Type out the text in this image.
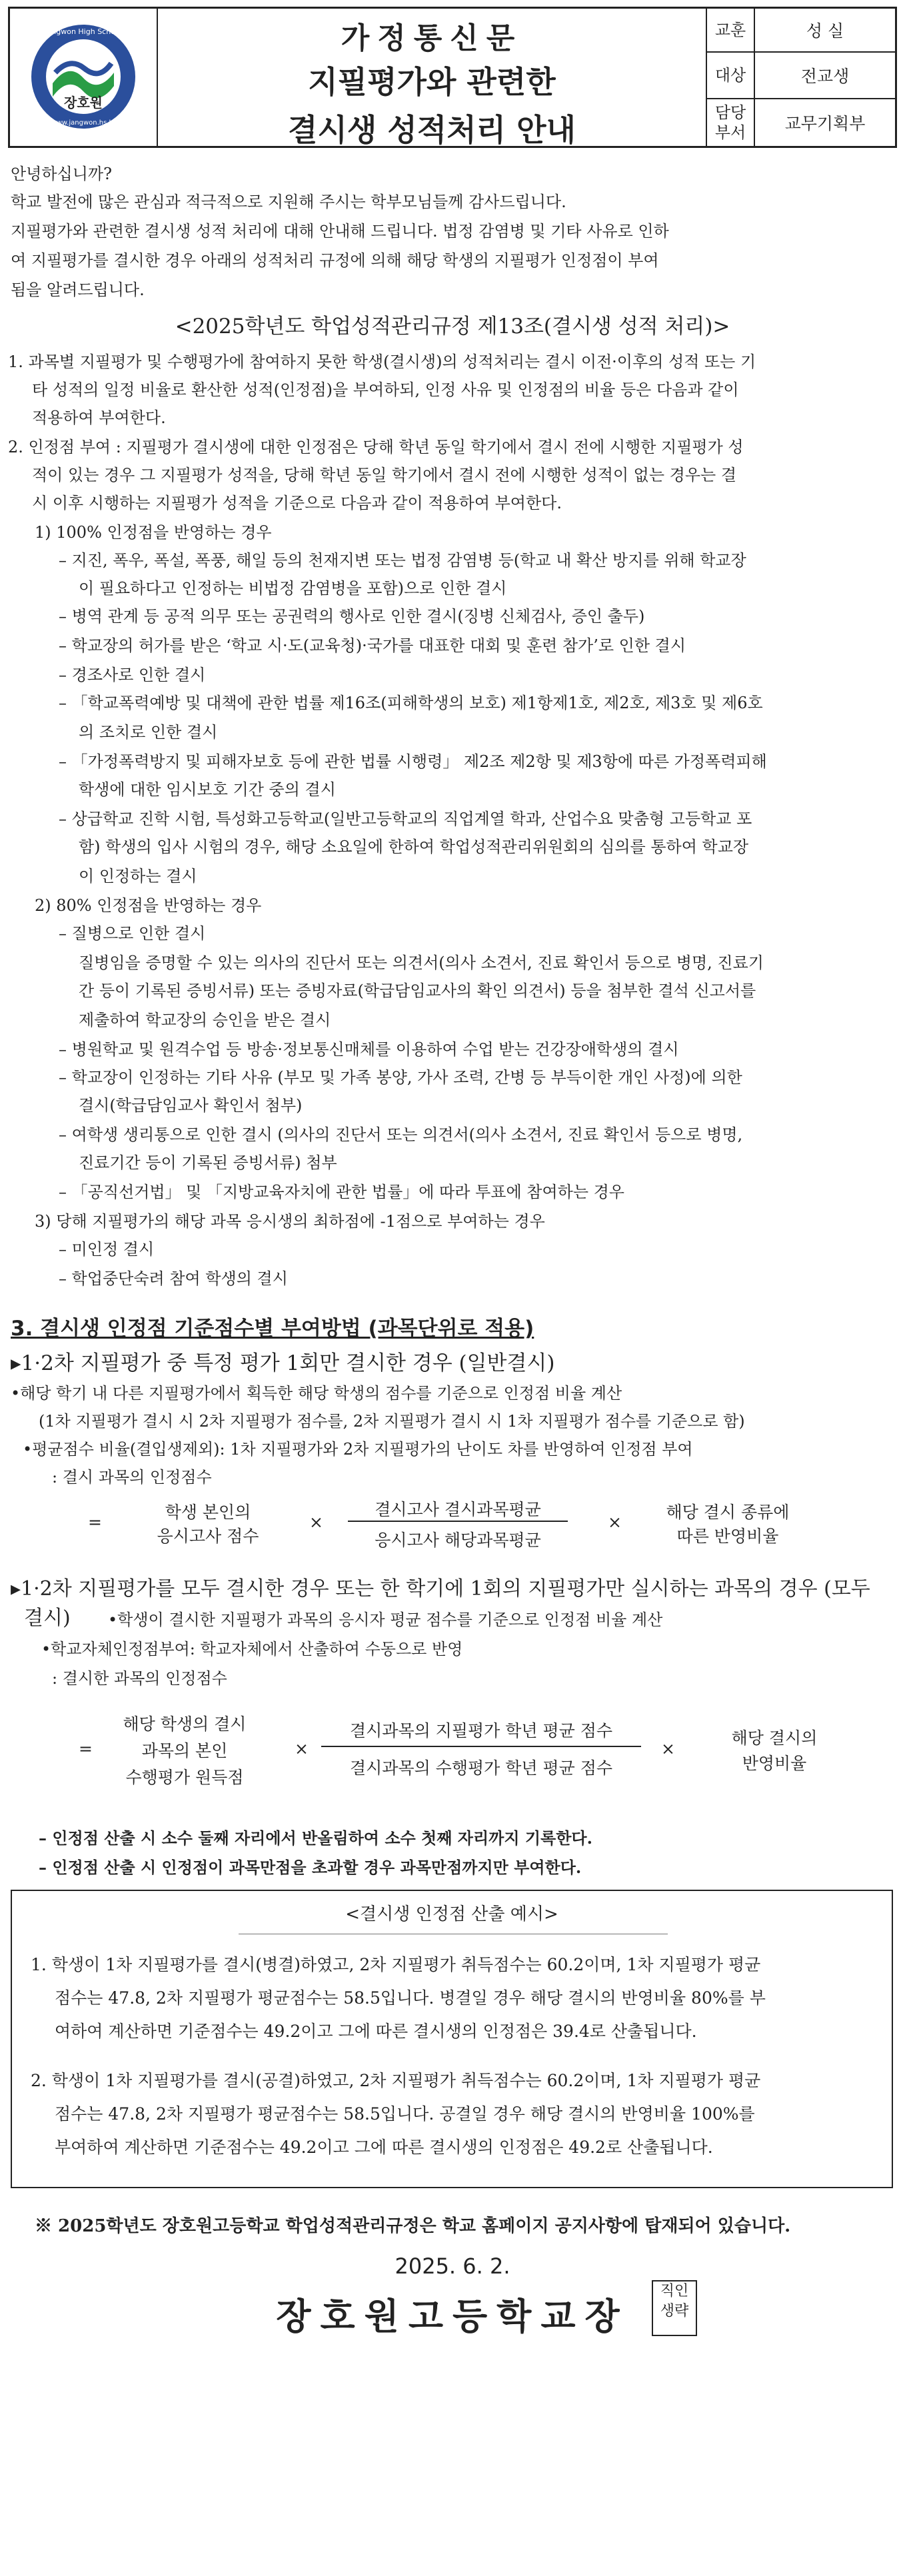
장호원
Jangwon High School
www.jangwon.hs.kr
가정통신문
지필평가와 관련한
결시생 성적처리 안내
교훈	성 실
대상	전교생
담당
부서	교무기획부
안녕하십니까?
학교 발전에 많은 관심과 적극적으로 지원해 주시는 학부모님들께 감사드립니다.
지필평가와 관련한 결시생 성적 처리에 대해 안내해 드립니다. 법정 감염병 및 기타 사유로 인하
여 지필평가를 결시한 경우 아래의 성적처리 규정에 의해 해당 학생의 지필평가 인정점이 부여
됨을 알려드립니다.
<2025학년도 학업성적관리규정 제13조(결시생 성적 처리)>
1. 과목별 지필평가 및 수행평가에 참여하지 못한 학생(결시생)의 성적처리는 결시 이전·이후의 성적 또는 기
타 성적의 일정 비율로 환산한 성적(인정점)을 부여하되, 인정 사유 및 인정점의 비율 등은 다음과 같이
적용하여 부여한다.
2. 인정점 부여 : 지필평가 결시생에 대한 인정점은 당해 학년 동일 학기에서 결시 전에 시행한 지필평가 성
적이 있는 경우 그 지필평가 성적을, 당해 학년 동일 학기에서 결시 전에 시행한 성적이 없는 경우는 결
시 이후 시행하는 지필평가 성적을 기준으로 다음과 같이 적용하여 부여한다.
1) 100% 인정점을 반영하는 경우
– 지진, 폭우, 폭설, 폭풍, 해일 등의 천재지변 또는 법정 감염병 등(학교 내 확산 방지를 위해 학교장
이 필요하다고 인정하는 비법정 감염병을 포함)으로 인한 결시
– 병역 관계 등 공적 의무 또는 공권력의 행사로 인한 결시(징병 신체검사, 증인 출두)
– 학교장의 허가를 받은 ‘학교 시·도(교육청)·국가를 대표한 대회 및 훈련 참가’로 인한 결시
– 경조사로 인한 결시
– 「학교폭력예방 및 대책에 관한 법률 제16조(피해학생의 보호) 제1항제1호, 제2호, 제3호 및 제6호
의 조치로 인한 결시
– 「가정폭력방지 및 피해자보호 등에 관한 법률 시행령」 제2조 제2항 및 제3항에 따른 가정폭력피해
학생에 대한 임시보호 기간 중의 결시
– 상급학교 진학 시험, 특성화고등학교(일반고등학교의 직업계열 학과, 산업수요 맞춤형 고등학교 포
함) 학생의 입사 시험의 경우, 해당 소요일에 한하여 학업성적관리위원회의 심의를 통하여 학교장
이 인정하는 결시
2) 80% 인정점을 반영하는 경우
– 질병으로 인한 결시
질병임을 증명할 수 있는 의사의 진단서 또는 의견서(의사 소견서, 진료 확인서 등으로 병명, 진료기
간 등이 기록된 증빙서류) 또는 증빙자료(학급담임교사의 확인 의견서) 등을 첨부한 결석 신고서를
제출하여 학교장의 승인을 받은 결시
– 병원학교 및 원격수업 등 방송·정보통신매체를 이용하여 수업 받는 건강장애학생의 결시
– 학교장이 인정하는 기타 사유 (부모 및 가족 봉양, 가사 조력, 간병 등 부득이한 개인 사정)에 의한
결시(학급담임교사 확인서 첨부)
– 여학생 생리통으로 인한 결시 (의사의 진단서 또는 의견서(의사 소견서, 진료 확인서 등으로 병명,
진료기간 등이 기록된 증빙서류) 첨부
– 「공직선거법」 및 「지방교육자치에 관한 법률」에 따라 투표에 참여하는 경우
3) 당해 지필평가의 해당 과목 응시생의 최하점에 -1점으로 부여하는 경우
– 미인정 결시
– 학업중단숙려 참여 학생의 결시
3. 결시생 인정점 기준점수별 부여방법 (과목단위로 적용)
▸1·2차 지필평가 중 특정 평가 1회만 결시한 경우 (일반결시)
•해당 학기 내 다른 지필평가에서 획득한 해당 학생의 점수를 기준으로 인정점 비율 계산
(1차 지필평가 결시 시 2차 지필평가 점수를, 2차 지필평가 결시 시 1차 지필평가 점수를 기준으로 함)
•평균점수 비율(결입생제외): 1차 지필평가와 2차 지필평가의 난이도 차를 반영하여 인정점 부여
: 결시 과목의 인정점수
=
학생 본인의
응시고사 점수
×
결시고사 결시과목평균
응시고사 해당과목평균
×
해당 결시 종류에
따른 반영비율
▸1·2차 지필평가를 모두 결시한 경우 또는 한 학기에 1회의 지필평가만 실시하는 과목의 경우 (모두
결시) •학생이 결시한 지필평가 과목의 응시자 평균 점수를 기준으로 인정점 비율 계산
•학교자체인정점부여: 학교자체에서 산출하여 수동으로 반영
: 결시한 과목의 인정점수
=
해당 학생의 결시
과목의 본인
수행평가 원득점
×
결시과목의 지필평가 학년 평균 점수
결시과목의 수행평가 학년 평균 점수
×
해당 결시의
반영비율
– 인정점 산출 시 소수 둘째 자리에서 반올림하여 소수 첫째 자리까지 기록한다.
– 인정점 산출 시 인정점이 과목만점을 초과할 경우 과목만점까지만 부여한다.
<결시생 인정점 산출 예시>
1. 학생이 1차 지필평가를 결시(병결)하였고, 2차 지필평가 취득점수는 60.2이며, 1차 지필평가 평균
점수는 47.8, 2차 지필평가 평균점수는 58.5입니다. 병결일 경우 해당 결시의 반영비율 80%를 부
여하여 계산하면 기준점수는 49.2이고 그에 따른 결시생의 인정점은 39.4로 산출됩니다.
2. 학생이 1차 지필평가를 결시(공결)하였고, 2차 지필평가 취득점수는 60.2이며, 1차 지필평가 평균
점수는 47.8, 2차 지필평가 평균점수는 58.5입니다. 공결일 경우 해당 결시의 반영비율 100%를
부여하여 계산하면 기준점수는 49.2이고 그에 따른 결시생의 인정점은 49.2로 산출됩니다.
※ 2025학년도 장호원고등학교 학업성적관리규정은 학교 홈페이지 공지사항에 탑재되어 있습니다.
2025. 6. 2.
장호원고등학교장
직인
생략
